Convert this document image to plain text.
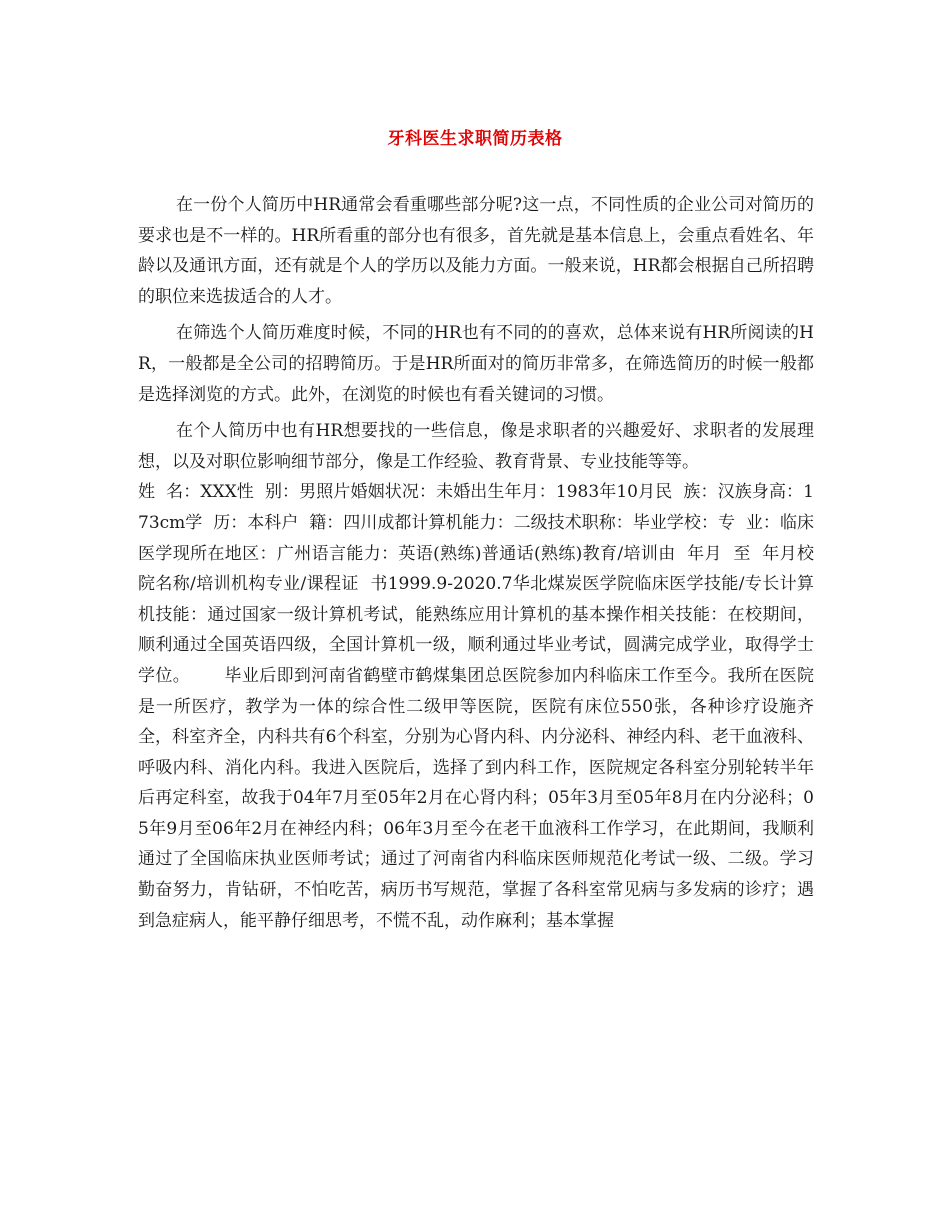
牙科医生求职简历表格

在一份个人简历中HR通常会看重哪些部分呢?这一点，不同性质的企业公司对简历的要求也是不一样的。HR所看重的部分也有很多，首先就是基本信息上，会重点看姓名、年龄以及通讯方面，还有就是个人的学历以及能力方面。一般来说，HR都会根据自己所招聘的职位来选拔适合的人才。

在筛选个人简历难度时候，不同的HR也有不同的的喜欢，总体来说有HR所阅读的HR，一般都是全公司的招聘简历。于是HR所面对的简历非常多，在筛选简历的时候一般都是选择浏览的方式。此外，在浏览的时候也有看关键词的习惯。

在个人简历中也有HR想要找的一些信息，像是求职者的兴趣爱好、求职者的发展理想，以及对职位影响细节部分，像是工作经验、教育背景、专业技能等等。

姓  名：XXX性  别：男照片婚姻状况：未婚出生年月：1983年10月民  族：汉族身高：173cm学  历：本科户  籍：四川成都计算机能力：二级技术职称：毕业学校：专  业：临床医学现所在地区：广州语言能力：英语(熟练)普通话(熟练)教育/培训由  年月  至  年月校院名称/培训机构专业/课程证  书1999.9-2020.7华北煤炭医学院临床医学技能/专长计算机技能：通过国家一级计算机考试，能熟练应用计算机的基本操作相关技能：在校期间，顺利通过全国英语四级，全国计算机一级，顺利通过毕业考试，圆满完成学业，取得学士学位。      毕业后即到河南省鹤壁市鹤煤集团总医院参加内科临床工作至今。我所在医院是一所医疗，教学为一体的综合性二级甲等医院，医院有床位550张，各种诊疗设施齐全，科室齐全，内科共有6个科室，分别为心肾内科、内分泌科、神经内科、老干血液科、呼吸内科、消化内科。我进入医院后，选择了到内科工作，医院规定各科室分别轮转半年后再定科室，故我于04年7月至05年2月在心肾内科；05年3月至05年8月在内分泌科；05年9月至06年2月在神经内科；06年3月至今在老干血液科工作学习，在此期间，我顺利通过了全国临床执业医师考试；通过了河南省内科临床医师规范化考试一级、二级。学习勤奋努力，肯钻研，不怕吃苦，病历书写规范，掌握了各科室常见病与多发病的诊疗；遇到急症病人，能平静仔细思考，不慌不乱，动作麻利；基本掌握
